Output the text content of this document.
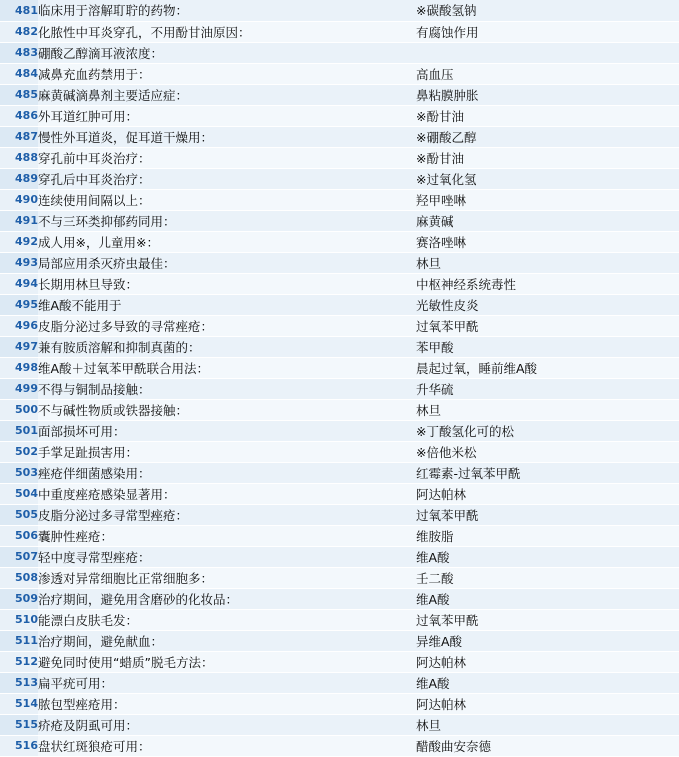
481	临床用于溶解耵聍的药物：	※碳酸氢钠
482	化脓性中耳炎穿孔，不用酚甘油原因：	有腐蚀作用
483	硼酸乙醇滴耳液浓度：	
484	减鼻充血药禁用于：	高血压
485	麻黄碱滴鼻剂主要适应症：	鼻粘膜肿胀
486	外耳道红肿可用：	※酚甘油
487	慢性外耳道炎，促耳道干燥用：	※硼酸乙醇
488	穿孔前中耳炎治疗：	※酚甘油
489	穿孔后中耳炎治疗：	※过氧化氢
490	连续使用间隔以上：	羟甲唑啉
491	不与三环类抑郁药同用：	麻黄碱
492	成人用※，儿童用※：	赛洛唑啉
493	局部应用杀灭疥虫最佳：	林旦
494	长期用林旦导致：	中枢神经系统毒性
495	维A酸不能用于	光敏性皮炎
496	皮脂分泌过多导致的寻常痤疮：	过氧苯甲酰
497	兼有胺质溶解和抑制真菌的：	苯甲酸
498	维A酸＋过氧苯甲酰联合用法：	晨起过氧，睡前维A酸
499	不得与铜制品接触：	升华硫
500	不与碱性物质或铁器接触：	林旦
501	面部损坏可用：	※丁酸氢化可的松
502	手掌足趾损害用：	※倍他米松
503	痤疮伴细菌感染用：	红霉素-过氧苯甲酰
504	中重度痤疮感染显著用：	阿达帕林
505	皮脂分泌过多寻常型痤疮：	过氧苯甲酰
506	囊肿性痤疮：	维胺脂
507	轻中度寻常型痤疮：	维A酸
508	渗透对异常细胞比正常细胞多：	壬二酸
509	治疗期间，避免用含磨砂的化妆品：	维A酸
510	能漂白皮肤毛发：	过氧苯甲酰
511	治疗期间，避免献血：	异维A酸
512	避免同时使用“蜡质”脱毛方法：	阿达帕林
513	扁平疣可用：	维A酸
514	脓包型痤疮用：	阿达帕林
515	疥疮及阴虱可用：	林旦
516	盘状红斑狼疮可用：	醋酸曲安奈德
